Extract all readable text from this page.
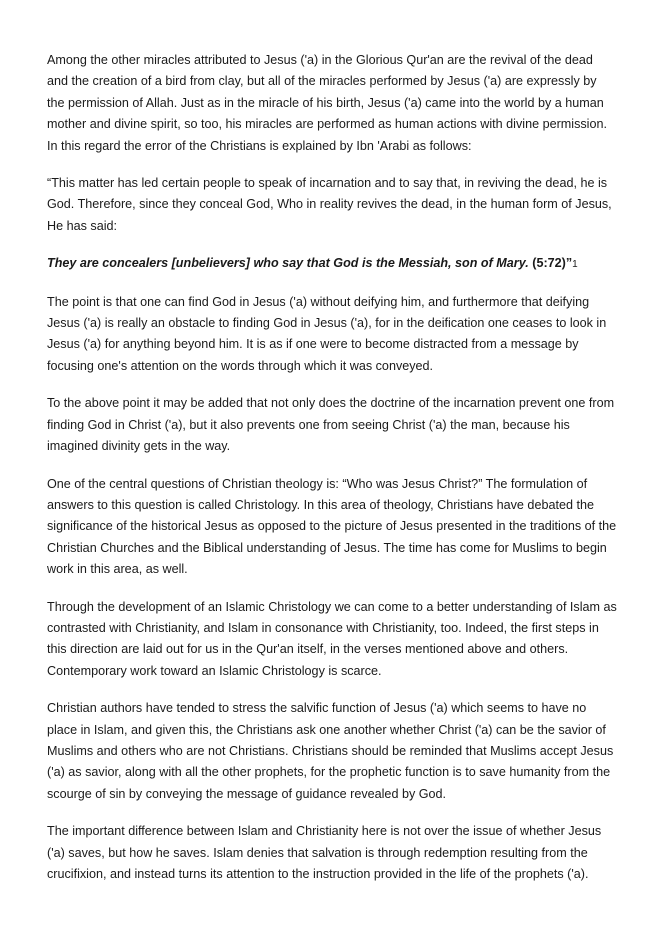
Among the other miracles attributed to Jesus ('a) in the Glorious Qur'an are the revival of the dead and the creation of a bird from clay, but all of the miracles performed by Jesus ('a) are expressly by the permission of Allah. Just as in the miracle of his birth, Jesus ('a) came into the world by a human mother and divine spirit, so too, his miracles are performed as human actions with divine permission. In this regard the error of the Christians is explained by Ibn 'Arabi as follows:

“This matter has led certain people to speak of incarnation and to say that, in reviving the dead, he is God. Therefore, since they conceal God, Who in reality revives the dead, in the human form of Jesus, He has said:

They are concealers [unbelievers] who say that God is the Messiah, son of Mary. (5:72)”1

The point is that one can find God in Jesus ('a) without deifying him, and furthermore that deifying Jesus ('a) is really an obstacle to finding God in Jesus ('a), for in the deification one ceases to look in Jesus ('a) for anything beyond him. It is as if one were to become distracted from a message by focusing one's attention on the words through which it was conveyed.

To the above point it may be added that not only does the doctrine of the incarnation prevent one from finding God in Christ ('a), but it also prevents one from seeing Christ ('a) the man, because his imagined divinity gets in the way.

One of the central questions of Christian theology is: “Who was Jesus Christ?” The formulation of answers to this question is called Christology. In this area of theology, Christians have debated the significance of the historical Jesus as opposed to the picture of Jesus presented in the traditions of the Christian Churches and the Biblical understanding of Jesus. The time has come for Muslims to begin work in this area, as well.

Through the development of an Islamic Christology we can come to a better understanding of Islam as contrasted with Christianity, and Islam in consonance with Christianity, too. Indeed, the first steps in this direction are laid out for us in the Qur'an itself, in the verses mentioned above and others. Contemporary work toward an Islamic Christology is scarce.

Christian authors have tended to stress the salvific function of Jesus ('a) which seems to have no place in Islam, and given this, the Christians ask one another whether Christ ('a) can be the savior of Muslims and others who are not Christians. Christians should be reminded that Muslims accept Jesus ('a) as savior, along with all the other prophets, for the prophetic function is to save humanity from the scourge of sin by conveying the message of guidance revealed by God.

The important difference between Islam and Christianity here is not over the issue of whether Jesus ('a) saves, but how he saves. Islam denies that salvation is through redemption resulting from the crucifixion, and instead turns its attention to the instruction provided in the life of the prophets ('a).
